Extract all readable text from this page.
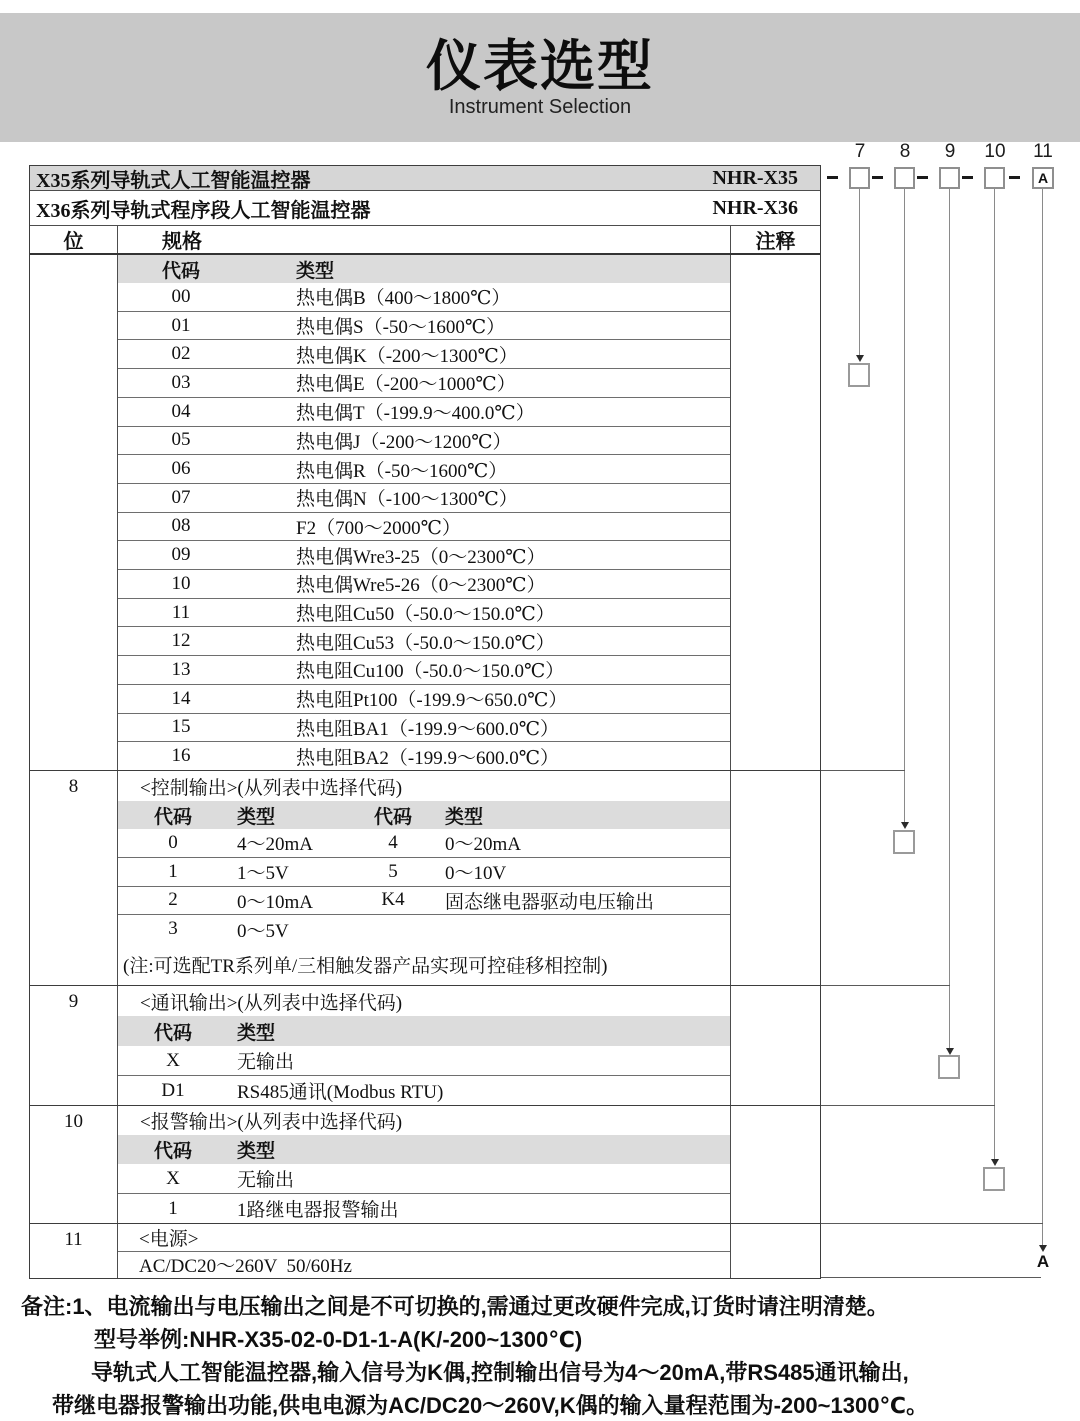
仪表选型
Instrument Selection
7	8	9	10	11
A
A
X35系列导轨式人工智能温控器	NHR-X35
X36系列导轨式程序段人工智能温控器	NHR-X36
位	规格	注释
代码	类型
00	热电偶B（400～1800℃）
01	热电偶S（-50～1600℃）
02	热电偶K（-200～1300℃）
03	热电偶E（-200～1000℃）
04	热电偶T（-199.9～400.0℃）
05	热电偶J（-200～1200℃）
06	热电偶R（-50～1600℃）
07	热电偶N（-100～1300℃）
08	F2（700～2000℃）
09	热电偶Wre3-25（0～2300℃）
10	热电偶Wre5-26（0～2300℃）
11	热电阻Cu50（-50.0～150.0℃）
12	热电阻Cu53（-50.0～150.0℃）
13	热电阻Cu100（-50.0～150.0℃）
14	热电阻Pt100（-199.9～650.0℃）
15	热电阻BA1（-199.9～600.0℃）
16	热电阻BA2（-199.9～600.0℃）
8	<控制输出>(从列表中选择代码)
代码	类型	代码	类型
0	4～20mA	4	0～20mA
1	1～5V	5	0～10V
2	0～10mA	K4	固态继电器驱动电压输出
3	0～5V
(注:可选配TR系列单/三相触发器产品实现可控硅移相控制)
9	<通讯输出>(从列表中选择代码)
代码	类型
X	无输出
D1	RS485通讯(Modbus RTU)
10	<报警输出>(从列表中选择代码)
代码	类型
X	无输出
1	1路继电器报警输出
11	<电源>
AC/DC20～260V  50/60Hz
备注:1、电流输出与电压输出之间是不可切换的,需通过更改硬件完成,订货时请注明清楚。
型号举例:NHR-X35-02-0-D1-1-A(K/-200~1300℃)
导轨式人工智能温控器,输入信号为K偶,控制输出信号为4～20mA,带RS485通讯输出,
带继电器报警输出功能,供电电源为AC/DC20～260V,K偶的输入量程范围为-200~1300℃。
